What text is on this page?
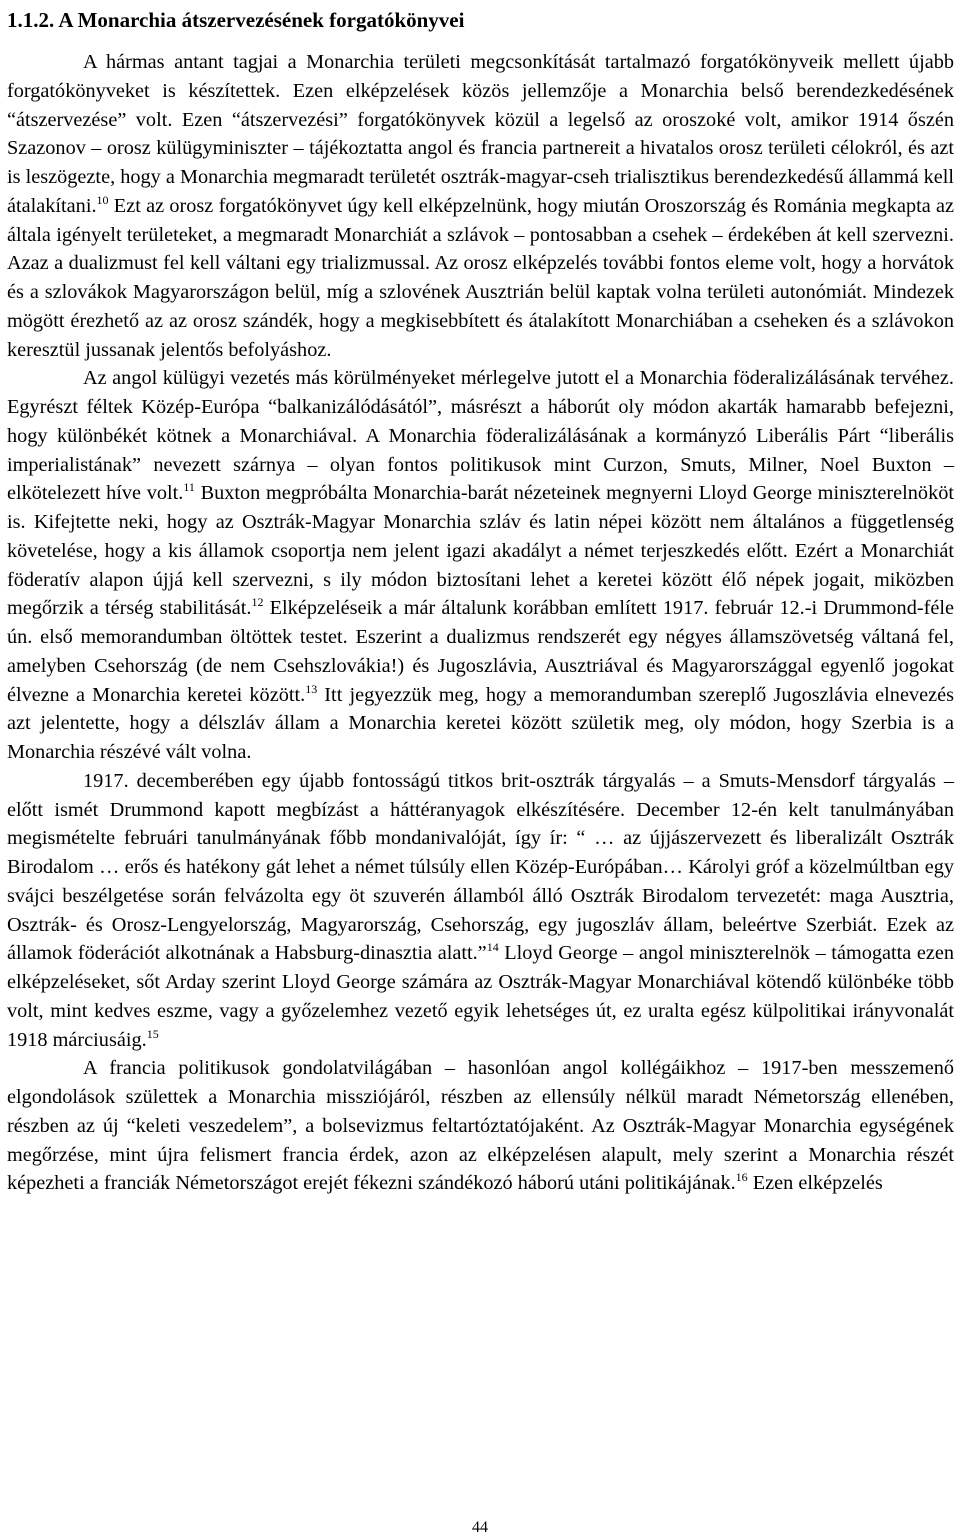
1.1.2. A Monarchia átszervezésének forgatókönyvei

A hármas antant tagjai a Monarchia területi megcsonkítását tartalmazó forgatókönyveik mellett újabb forgatókönyveket is készítettek. Ezen elképzelések közös jellemzője a Monarchia belső berendezkedésének “átszervezése” volt. Ezen “átszervezési” forgatókönyvek közül a legelső az oroszoké volt, amikor 1914 őszén Szazonov – orosz külügyminiszter – tájékoztatta angol és francia partnereit a hivatalos orosz területi célokról, és azt is leszögezte, hogy a Monarchia megmaradt területét osztrák-magyar-cseh trialisztikus berendezkedésű állammá kell átalakítani.$^{10}$ Ezt az orosz forgatókönyvet úgy kell elképzelnünk, hogy miután Oroszország és Románia megkapta az általa igényelt területeket, a megmaradt Monarchiát a szlávok – pontosabban a csehek – érdekében át kell szervezni. Azaz a dualizmust fel kell váltani egy trializmussal. Az orosz elképzelés további fontos eleme volt, hogy a horvátok és a szlovákok Magyarországon belül, míg a szlovének Ausztrián belül kaptak volna területi autonómiát. Mindezek mögött érezhető az az orosz szándék, hogy a megkisebbített és átalakított Monarchiában a cseheken és a szlávokon keresztül jussanak jelentős befolyáshoz.

Az angol külügyi vezetés más körülményeket mérlegelve jutott el a Monarchia föderalizálásának tervéhez. Egyrészt féltek Közép-Európa “balkanizálódásától”, másrészt a háborút oly módon akarták hamarabb befejezni, hogy különbékét kötnek a Monarchiával. A Monarchia föderalizálásának a kormányzó Liberális Párt “liberális imperialistának” nevezett szárnya – olyan fontos politikusok mint Curzon, Smuts, Milner, Noel Buxton – elkötelezett híve volt.$^{11}$ Buxton megpróbálta Monarchia-barát nézeteinek megnyerni Lloyd George miniszterelnököt is. Kifejtette neki, hogy az Osztrák-Magyar Monarchia szláv és latin népei között nem általános a függetlenség követelése, hogy a kis államok csoportja nem jelent igazi akadályt a német terjeszkedés előtt. Ezért a Monarchiát föderatív alapon újjá kell szervezni, s ily módon biztosítani lehet a keretei között élő népek jogait, miközben megőrzik a térség stabilitását.$^{12}$ Elképzeléseik a már általunk korábban említett 1917. február 12.-i Drummond-féle ún. első memorandumban öltöttek testet. Eszerint a dualizmus rendszerét egy négyes államszövetség váltaná fel, amelyben Csehország (de nem Csehszlovákia!) és Jugoszlávia, Ausztriával és Magyarországgal egyenlő jogokat élvezne a Monarchia keretei között.$^{13}$ Itt jegyezzük meg, hogy a memorandumban szereplő Jugoszlávia elnevezés azt jelentette, hogy a délszláv állam a Monarchia keretei között születik meg, oly módon, hogy Szerbia is a Monarchia részévé vált volna.

1917. decemberében egy újabb fontosságú titkos brit-osztrák tárgyalás – a Smuts-Mensdorf tárgyalás – előtt ismét Drummond kapott megbízást a háttéranyagok elkészítésére. December 12-én kelt tanulmányában megismételte februári tanulmányának főbb mondanivalóját, így ír: “ … az újjászervezett és liberalizált Osztrák Birodalom … erős és hatékony gát lehet a német túlsúly ellen Közép-Európában… Károlyi gróf a közelmúltban egy svájci beszélgetése során felvázolta egy öt szuverén államból álló Osztrák Birodalom tervezetét: maga Ausztria, Osztrák- és Orosz-Lengyelország, Magyarország, Csehország, egy jugoszláv állam, beleértve Szerbiát. Ezek az államok föderációt alkotnának a Habsburg-dinasztia alatt.”$^{14}$ Lloyd George – angol miniszterelnök – támogatta ezen elképzeléseket, sőt Arday szerint Lloyd George számára az Osztrák-Magyar Monarchiával kötendő különbéke több volt, mint kedves eszme, vagy a győzelemhez vezető egyik lehetséges út, ez uralta egész külpolitikai irányvonalát 1918 márciusáig.$^{15}$

A francia politikusok gondolatvilágában – hasonlóan angol kollégáikhoz – 1917-ben messzemenő elgondolások születtek a Monarchia missziójáról, részben az ellensúly nélkül maradt Németország ellenében, részben az új “keleti veszedelem”, a bolsevizmus feltartóztatójaként. Az Osztrák-Magyar Monarchia egységének megőrzése, mint újra felismert francia érdek, azon az elképzelésen alapult, mely szerint a Monarchia részét képezheti a franciák Németországot erejét fékezni szándékozó háború utáni politikájának.$^{16}$ Ezen elképzelés

44
